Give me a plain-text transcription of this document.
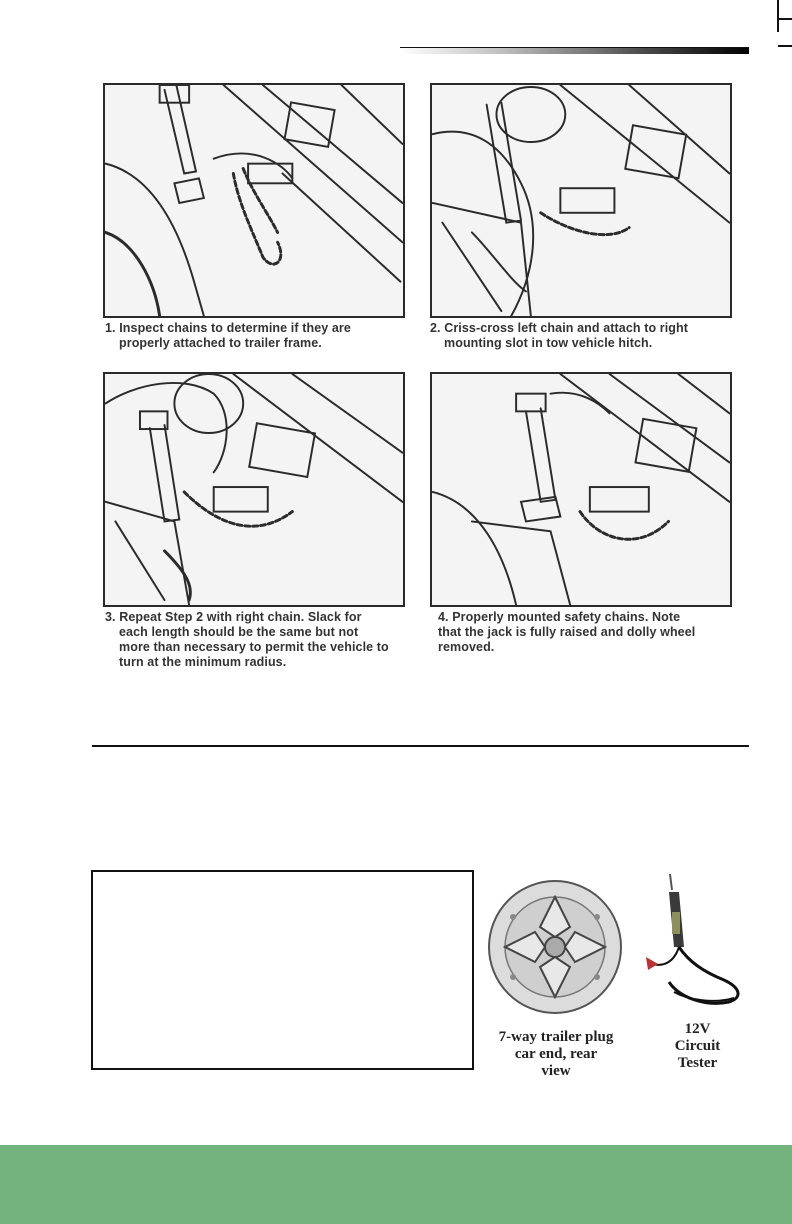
1. Inspect chains to determine if they are
properly attached to trailer frame.
2. Criss-cross left chain and attach to right
mounting slot in tow vehicle hitch.
3. Repeat Step 2 with right chain. Slack for
each length should be the same but not
more than necessary to permit the vehicle to
turn at the minimum radius.
4. Properly mounted safety chains. Note
that the jack is fully raised and dolly wheel
removed.
7-way trailer plug
car end, rear
view
12V
Circuit
Tester
